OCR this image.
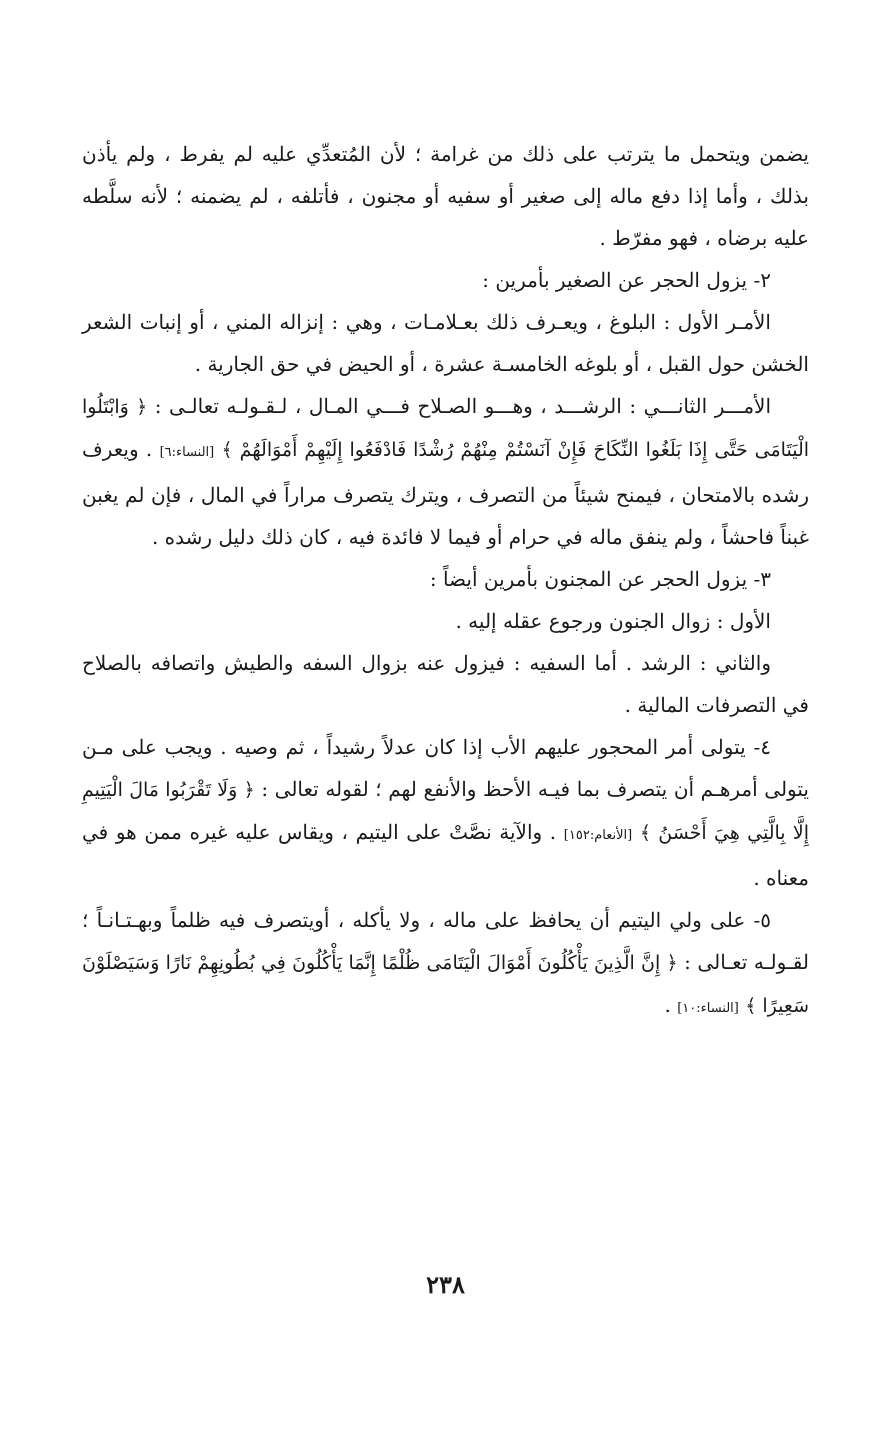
يضمن ويتحمل ما يترتب على ذلك من غرامة ؛ لأن المُتعدِّي عليه لم يفرط ، ولم يأذن بذلك ، وأما إذا دفع ماله إلى صغير أو سفيه أو مجنون ، فأتلفه ، لم يضمنه ؛ لأنه سلَّطه عليه برضاه ، فهو مفرّط .

٢- يزول الحجر عن الصغير بأمرين :

الأمـر الأول : البلوغ ، ويعـرف ذلك بعـلامـات ، وهي : إنزاله المني ، أو إنبات الشعر الخشن حول القبل ، أو بلوغه الخامسـة عشرة ، أو الحيض في حق الجارية .

الأمـــر الثانـــي : الرشـــد ، وهـــو الصـلاح فـــي المـال ، لـقـولـه تعالـى : ﴿ وَابْتَلُوا الْيَتَامَى حَتَّى إِذَا بَلَغُوا النِّكَاحَ فَإِنْ آنَسْتُمْ مِنْهُمْ رُشْدًا فَادْفَعُوا إِلَيْهِمْ أَمْوَالَهُمْ ﴾ [النساء:٦] . ويعرف رشده بالامتحان ، فيمنح شيئاً من التصرف ، ويترك يتصرف مراراً في المال ، فإن لم يغبن غبناً فاحشاً ، ولم ينفق ماله في حرام أو فيما لا فائدة فيه ، كان ذلك دليل رشده .

٣- يزول الحجر عن المجنون بأمرين أيضاً :

الأول : زوال الجنون ورجوع عقله إليه .

والثاني : الرشد . أما السفيه : فيزول عنه بزوال السفه والطيش واتصافه بالصلاح في التصرفات المالية .

٤- يتولى أمر المحجور عليهم الأب إذا كان عدلاً رشيداً ، ثم وصيه . ويجب على مـن يتولى أمرهـم أن يتصرف بما فيـه الأحظ والأنفع لهم ؛ لقوله تعالى : ﴿ وَلَا تَقْرَبُوا مَالَ الْيَتِيمِ إِلَّا بِالَّتِي هِيَ أَحْسَنُ ﴾ [الأنعام:١٥٢] . والآية نصَّتْ على اليتيم ، ويقاس عليه غيره ممن هو في معناه .

٥- على ولي اليتيم أن يحافظ على ماله ، ولا يأكله ، أويتصرف فيه ظلماً وبهـتـانـاً ؛ لقـولـه تعـالى : ﴿ إِنَّ الَّذِينَ يَأْكُلُونَ أَمْوَالَ الْيَتَامَى ظُلْمًا إِنَّمَا يَأْكُلُونَ فِي بُطُونِهِمْ نَارًا وَسَيَصْلَوْنَ سَعِيرًا ﴾ [النساء:١٠] .

٢٣٨
